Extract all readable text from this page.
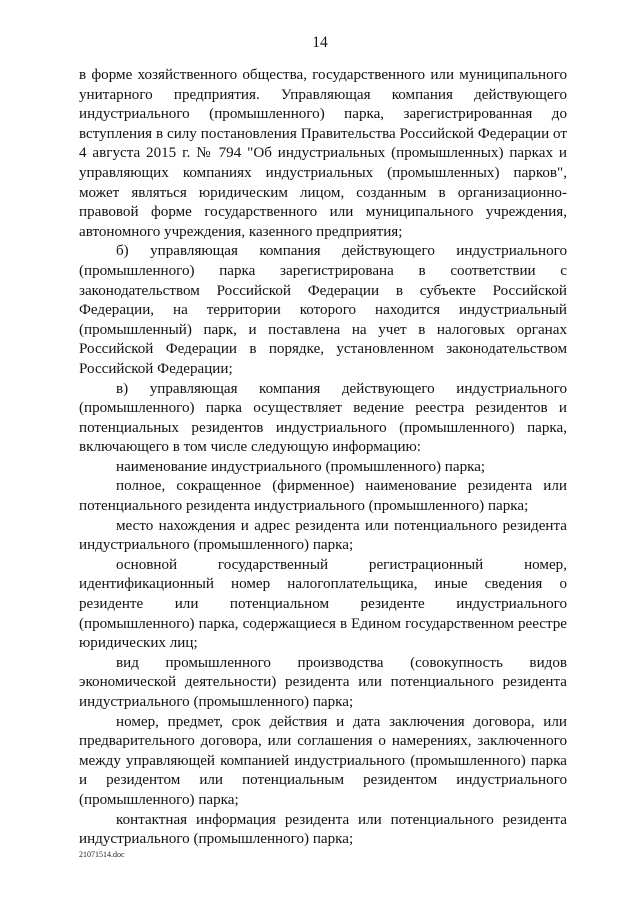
14

в форме хозяйственного общества, государственного или муниципального унитарного предприятия. Управляющая компания действующего индустриального (промышленного) парка, зарегистрированная до вступления в силу постановления Правительства Российской Федерации от 4 августа 2015 г. № 794 "Об индустриальных (промышленных) парках и управляющих компаниях индустриальных (промышленных) парков", может являться юридическим лицом, созданным в организационно-правовой форме государственного или муниципального учреждения, автономного учреждения, казенного предприятия;

б) управляющая компания действующего индустриального (промышленного) парка зарегистрирована в соответствии с законодательством Российской Федерации в субъекте Российской Федерации, на территории которого находится индустриальный (промышленный) парк, и поставлена на учет в налоговых органах Российской Федерации в порядке, установленном законодательством Российской Федерации;

в) управляющая компания действующего индустриального (промышленного) парка осуществляет ведение реестра резидентов и потенциальных резидентов индустриального (промышленного) парка, включающего в том числе следующую информацию:

наименование индустриального (промышленного) парка;

полное, сокращенное (фирменное) наименование резидента или потенциального резидента индустриального (промышленного) парка;

место нахождения и адрес резидента или потенциального резидента индустриального (промышленного) парка;

основной государственный регистрационный номер, идентификационный номер налогоплательщика, иные сведения о резиденте или потенциальном резиденте индустриального (промышленного) парка, содержащиеся в Едином государственном реестре юридических лиц;

вид промышленного производства (совокупность видов экономической деятельности) резидента или потенциального резидента индустриального (промышленного) парка;

номер, предмет, срок действия и дата заключения договора, или предварительного договора, или соглашения о намерениях, заключенного между управляющей компанией индустриального (промышленного) парка и резидентом или потенциальным резидентом индустриального (промышленного) парка;

контактная информация резидента или потенциального резидента индустриального (промышленного) парка;

21071514.doc
